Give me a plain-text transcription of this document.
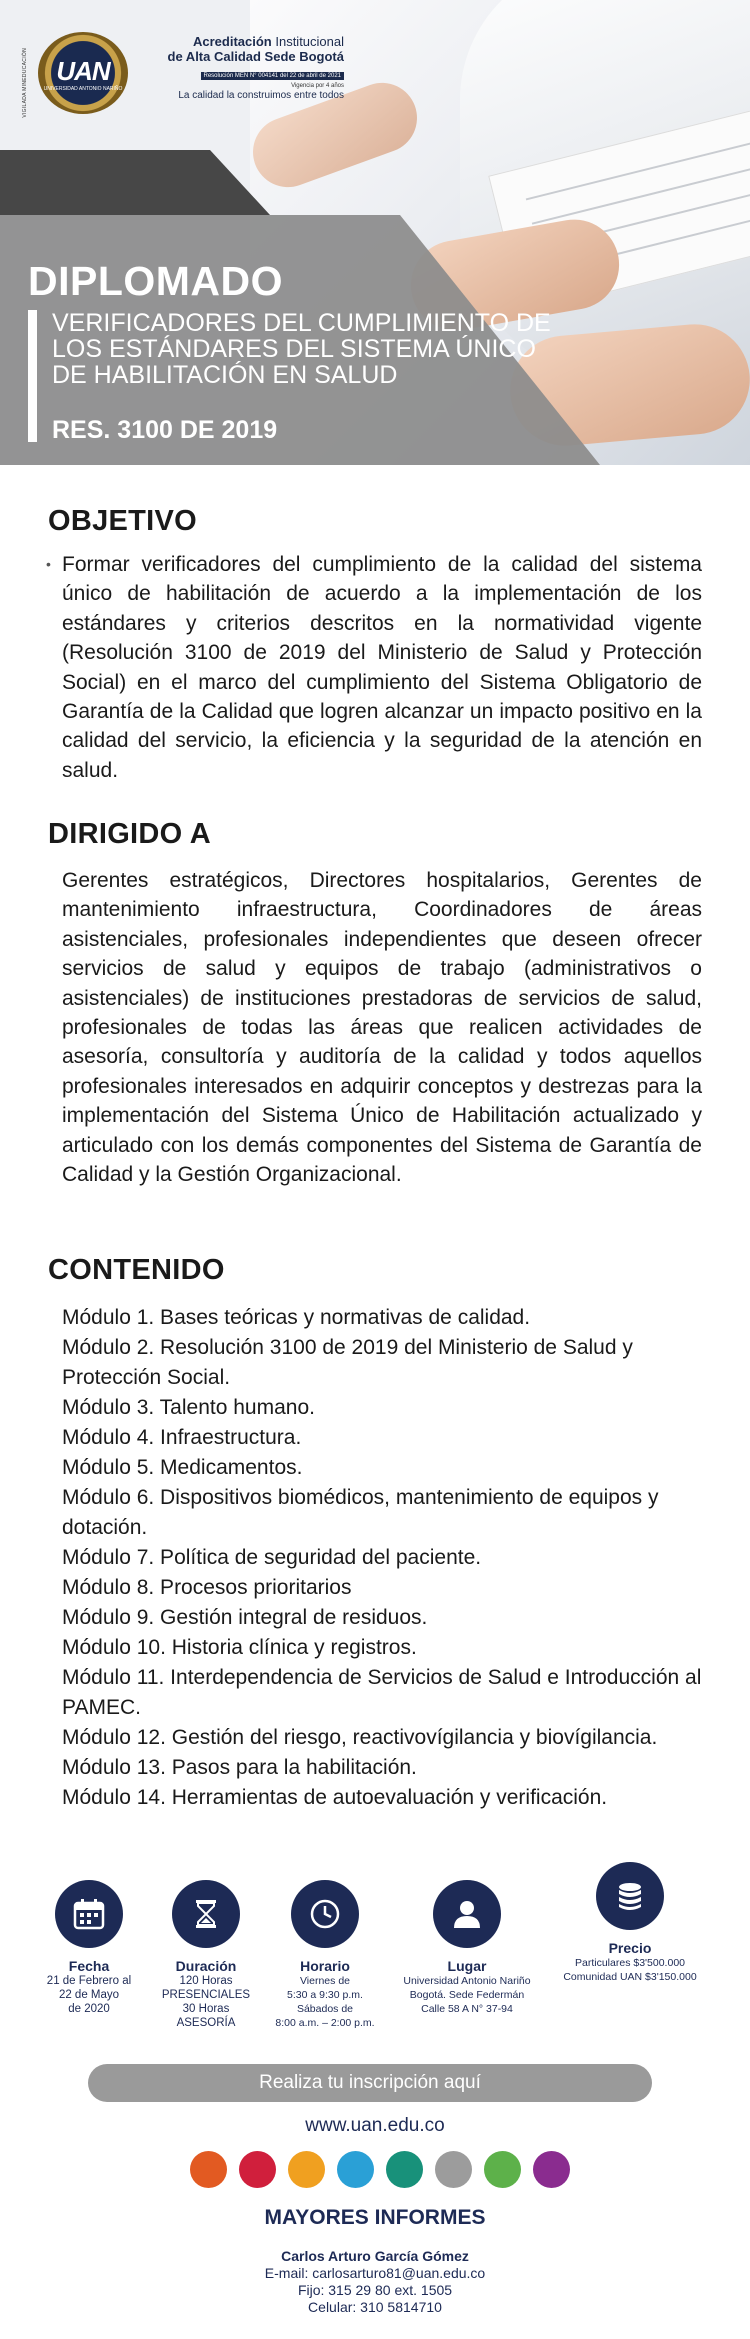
VIGILADA MINEDUCACIÓN	UAN
UNIVERSIDAD ANTONIO NARIÑO
Acreditación Institucional
de Alta Calidad Sede Bogotá
Resolución MEN N° 004141 del 22 de abril de 2021
Vigencia por 4 años
La calidad la construimos entre todos
DIPLOMADO
VERIFICADORES DEL CUMPLIMIENTO DE LOS ESTÁNDARES DEL SISTEMA ÚNICO DE HABILITACIÓN EN SALUD
RES. 3100 DE 2019
OBJETIVO
• Formar verificadores del cumplimiento de la calidad del sistema único de habilitación de acuerdo a la implementación de los estándares y criterios descritos en la normatividad vigente (Resolución 3100 de 2019 del Ministerio de Salud y Protección Social) en el marco del cumplimiento del Sistema Obligatorio de Garantía de la Calidad que logren alcanzar un impacto positivo en la calidad del servicio, la eficiencia y la seguridad de la atención en salud.
DIRIGIDO A
Gerentes estratégicos, Directores hospitalarios, Gerentes de mantenimiento infraestructura, Coordinadores de áreas asistenciales, profesionales independientes que deseen ofrecer servicios de salud y equipos de trabajo (administrativos o asistenciales) de instituciones prestadoras de servicios de salud, profesionales de todas las áreas que realicen actividades de asesoría, consultoría y auditoría de la calidad y todos aquellos profesionales interesados en adquirir conceptos y destrezas para la implementación del Sistema Único de Habilitación actualizado y articulado con los demás componentes del Sistema de Garantía de Calidad y la Gestión Organizacional.
CONTENIDO
Módulo 1. Bases teóricas y normativas de calidad.
Módulo 2. Resolución 3100 de 2019 del Ministerio de Salud y Protección Social.
Módulo 3. Talento humano.
Módulo 4. Infraestructura.
Módulo 5. Medicamentos.
Módulo 6. Dispositivos biomédicos, mantenimiento de equipos y dotación.
Módulo 7. Política de seguridad del paciente.
Módulo 8. Procesos prioritarios
Módulo 9. Gestión integral de residuos.
Módulo 10. Historia clínica y registros.
Módulo 11. Interdependencia de Servicios de Salud e Introducción al PAMEC.
Módulo 12. Gestión del riesgo, reactivovígilancia y biovígilancia.
Módulo 13. Pasos para la habilitación.
Módulo 14. Herramientas de autoevaluación y verificación.
Fecha
21 de Febrero al
22 de Mayo
de 2020
Duración
120 Horas
PRESENCIALES
30 Horas
ASESORÍA
Horario
Viernes de
5:30 a 9:30 p.m.
Sábados de
8:00 a.m. – 2:00 p.m.
Lugar
Universidad Antonio Nariño
Bogotá. Sede Federmán
Calle 58 A N° 37-94
Precio
Particulares $3'500.000
Comunidad UAN $3'150.000
Realiza tu inscripción aquí
www.uan.edu.co
MAYORES INFORMES
Carlos Arturo García Gómez
E-mail: carlosarturo81@uan.edu.co
Fijo: 315 29 80 ext. 1505
Celular: 310 5814710
